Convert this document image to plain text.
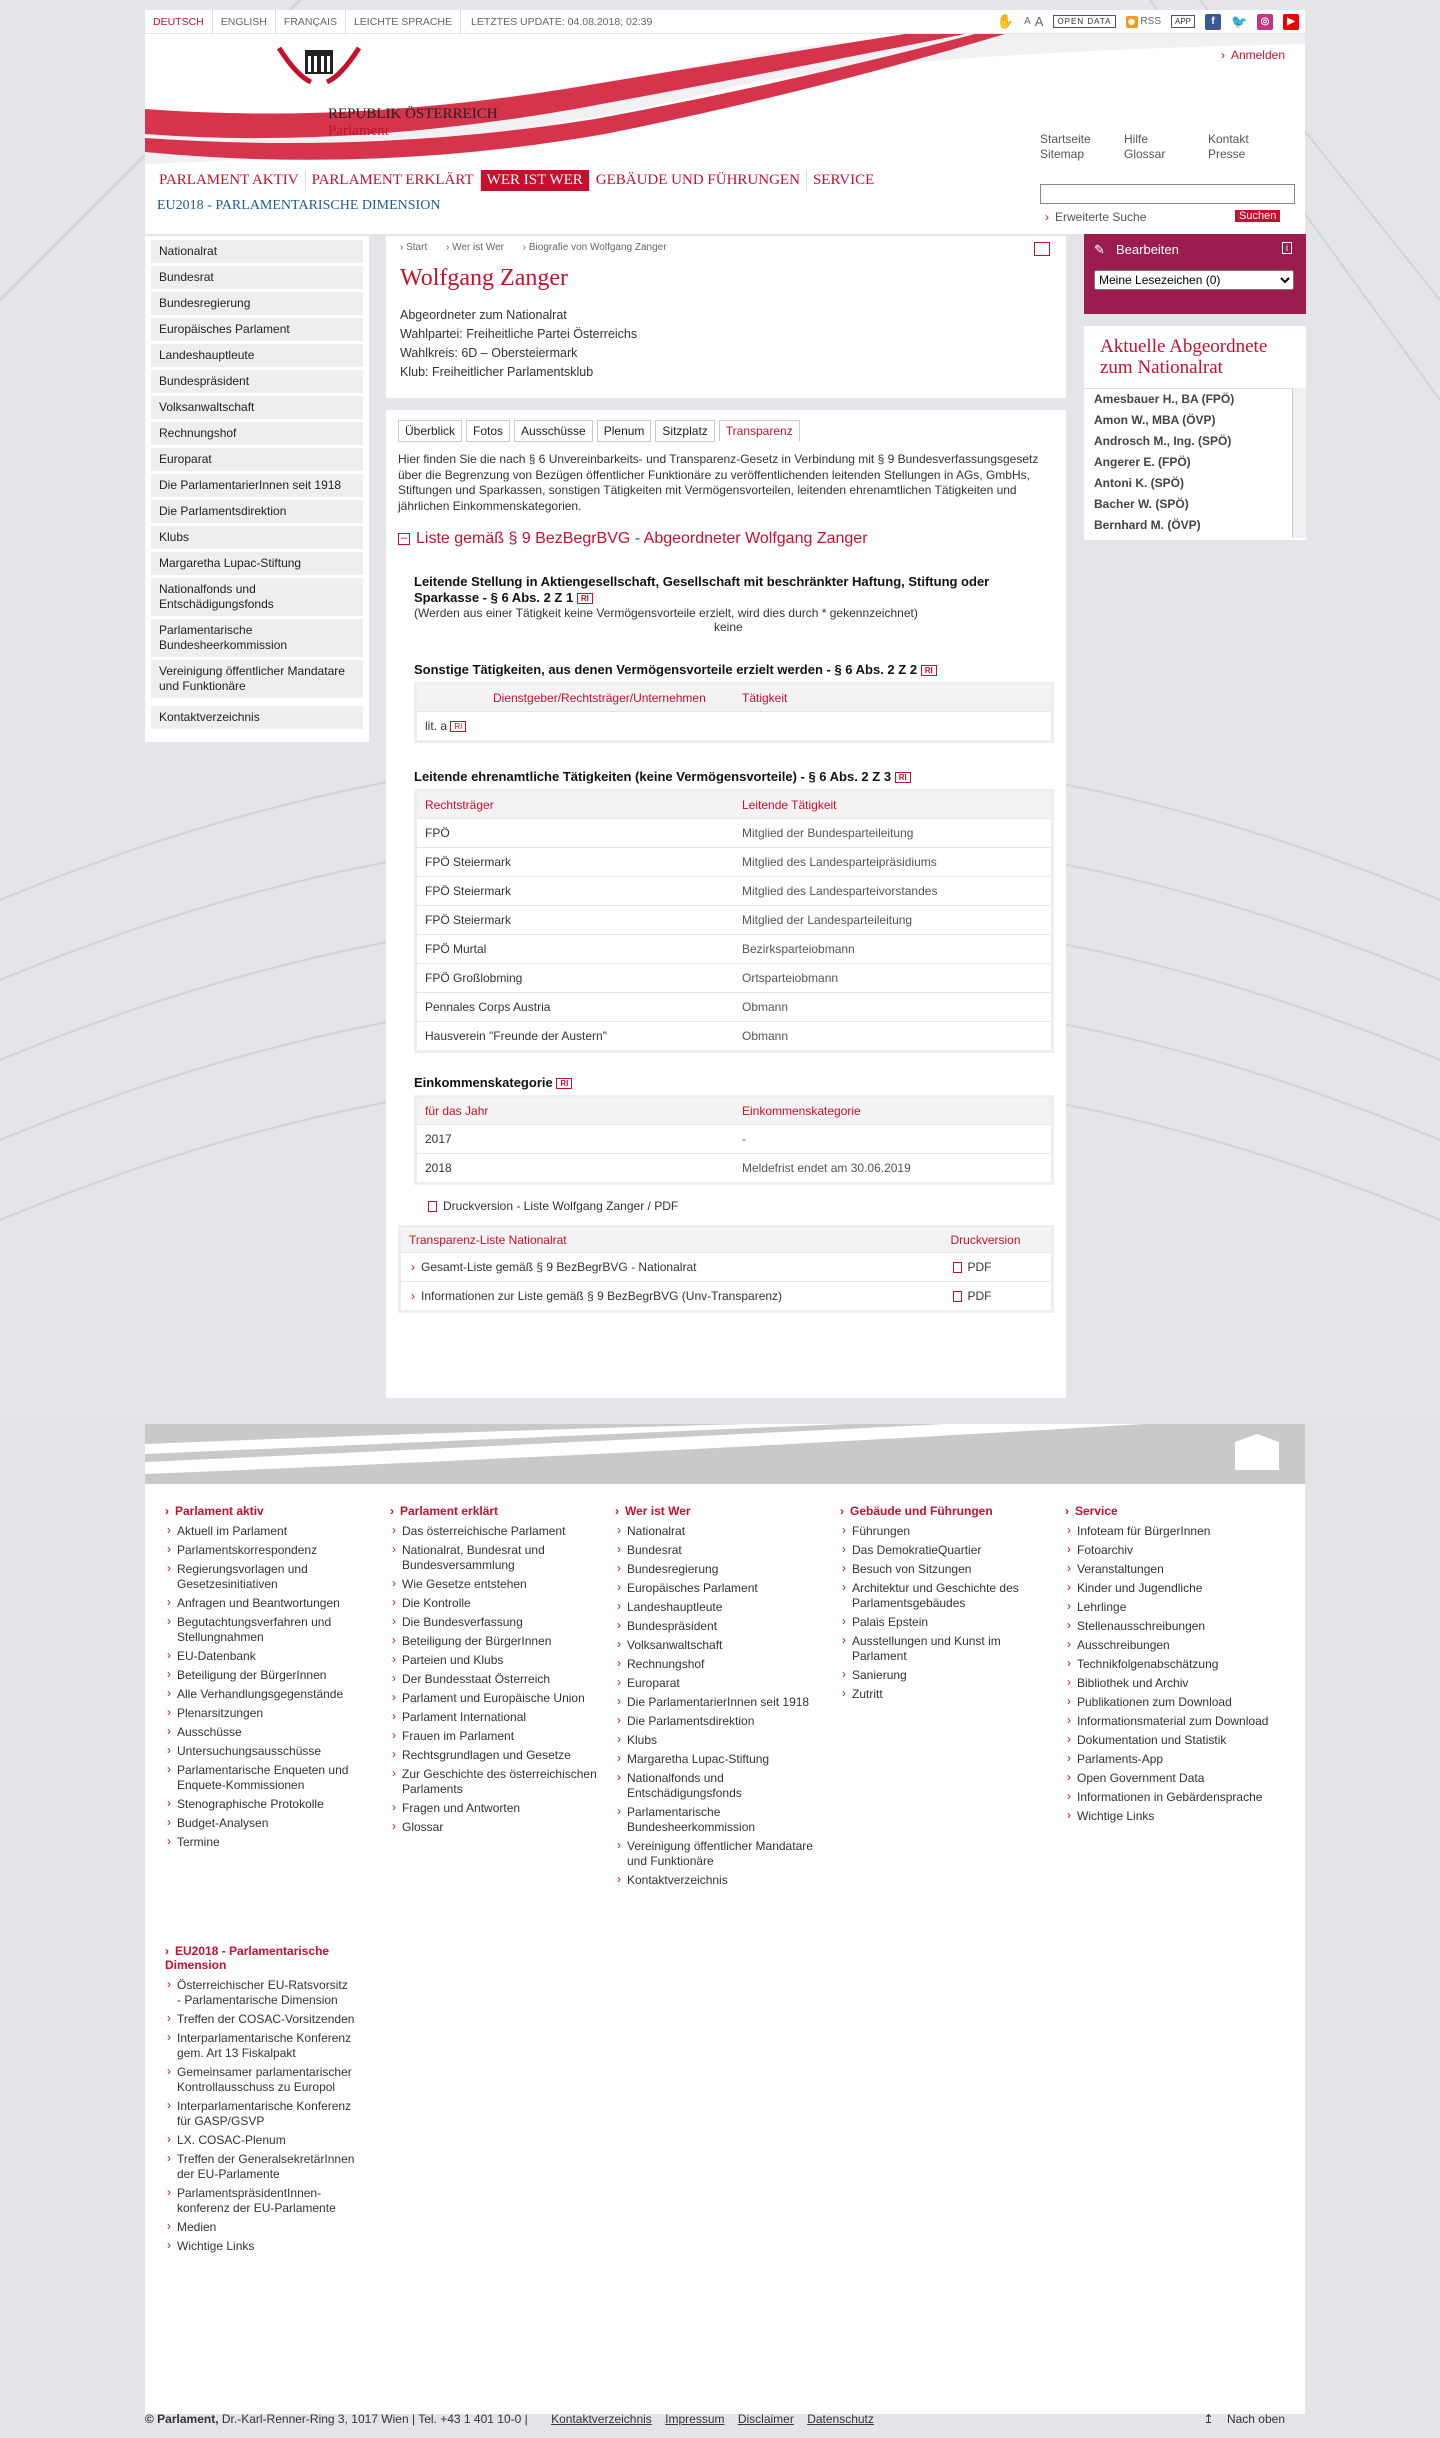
DEUTSCH	ENGLISH	FRANÇAIS	LEICHTE SPRACHE	LETZTES UPDATE: 04.08.2018; 02:39	✋ A A	OPEN DATA	◉ RSS	APP	f	🐦	◎	▶
REPUBLIK ÖSTERREICH
Parlament
› Anmelden
Startseite	Hilfe	Kontakt
Sitemap	Glossar	Presse
PARLAMENT AKTIV PARLAMENT ERKLÄRT WER IST WER GEBÄUDE UND FÜHRUNGEN SERVICE
EU2018 - PARLAMENTARISCHE DIMENSION
› Erweiterte Suche	Suchen
Nationalrat
Bundesrat
Bundesregierung
Europäisches Parlament
Landeshauptleute
Bundespräsident
Volksanwaltschaft
Rechnungshof
Europarat
Die ParlamentarierInnen seit 1918
Die Parlamentsdirektion
Klubs
Margaretha Lupac-Stiftung
Nationalfonds und Entschädigungsfonds
Parlamentarische Bundesheerkommission
Vereinigung öffentlicher Mandatare und Funktionäre
Kontaktverzeichnis
› Start › Wer ist Wer › Biografie von Wolfgang Zanger
Wolfgang Zanger
Abgeordneter zum Nationalrat
Wahlpartei: Freiheitliche Partei Österreichs
Wahlkreis: 6D – Obersteiermark
Klub: Freiheitlicher Parlamentsklub
Überblick	Fotos	Ausschüsse	Plenum	Sitzplatz	Transparenz
Hier finden Sie die nach § 6 Unvereinbarkeits- und Transparenz-Gesetz in Verbindung mit § 9 Bundesverfassungsgesetz über die Begrenzung von Bezügen öffentlicher Funktionäre zu veröffentlichenden leitenden Stellungen in AGs, GmbHs, Stiftungen und Sparkassen, sonstigen Tätigkeiten mit Vermögensvorteilen, leitenden ehrenamtlichen Tätigkeiten und jährlichen Einkommenskategorien.
– Liste gemäß § 9 BezBegrBVG - Abgeordneter Wolfgang Zanger
Leitende Stellung in Aktiengesellschaft, Gesellschaft mit beschränkter Haftung, Stiftung oder Sparkasse - § 6 Abs. 2 Z 1 RI
(Werden aus einer Tätigkeit keine Vermögensvorteile erzielt, wird dies durch * gekennzeichnet)
keine
Sonstige Tätigkeiten, aus denen Vermögensvorteile erzielt werden - § 6 Abs. 2 Z 2 RI
Dienstgeber/Rechtsträger/Unternehmen	Tätigkeit
lit. a RI
Leitende ehrenamtliche Tätigkeiten (keine Vermögensvorteile) - § 6 Abs. 2 Z 3 RI
Rechtsträger	Leitende Tätigkeit
FPÖ	Mitglied der Bundesparteileitung
FPÖ Steiermark	Mitglied des Landesparteipräsidiums
FPÖ Steiermark	Mitglied des Landesparteivorstandes
FPÖ Steiermark	Mitglied der Landesparteileitung
FPÖ Murtal	Bezirksparteiobmann
FPÖ Großlobming	Ortsparteiobmann
Pennales Corps Austria	Obmann
Hausverein "Freunde der Austern"	Obmann
Einkommenskategorie RI
für das Jahr	Einkommenskategorie
2017	-
2018	Meldefrist endet am 30.06.2019
Druckversion - Liste Wolfgang Zanger / PDF
Transparenz-Liste Nationalrat	Druckversion
› Gesamt-Liste gemäß § 9 BezBegrBVG - Nationalrat	PDF
› Informationen zur Liste gemäß § 9 BezBegrBVG (Unv-Transparenz)	PDF
✎ Bearbeiten	i
Meine Lesezeichen (0)
Aktuelle Abgeordnete zum Nationalrat
Amesbauer H., BA (FPÖ)
Amon W., MBA (ÖVP)
Androsch M., Ing. (SPÖ)
Angerer E. (FPÖ)
Antoni K. (SPÖ)
Bacher W. (SPÖ)
Bernhard M. (ÖVP)
› Parlament aktiv
› Aktuell im Parlament
› Parlamentskorrespondenz
› Regierungsvorlagen und Gesetzesinitiativen
› Anfragen und Beantwortungen
› Begutachtungsverfahren und Stellungnahmen
› EU-Datenbank
› Beteiligung der BürgerInnen
› Alle Verhandlungsgegenstände
› Plenarsitzungen
› Ausschüsse
› Untersuchungsausschüsse
› Parlamentarische Enqueten und Enquete-Kommissionen
› Stenographische Protokolle
› Budget-Analysen
› Termine
› Parlament erklärt
› Das österreichische Parlament
› Nationalrat, Bundesrat und Bundesversammlung
› Wie Gesetze entstehen
› Die Kontrolle
› Die Bundesverfassung
› Beteiligung der BürgerInnen
› Parteien und Klubs
› Der Bundesstaat Österreich
› Parlament und Europäische Union
› Parlament International
› Frauen im Parlament
› Rechtsgrundlagen und Gesetze
› Zur Geschichte des österreichischen Parlaments
› Fragen und Antworten
› Glossar
› Wer ist Wer
› Nationalrat
› Bundesrat
› Bundesregierung
› Europäisches Parlament
› Landeshauptleute
› Bundespräsident
› Volksanwaltschaft
› Rechnungshof
› Europarat
› Die ParlamentarierInnen seit 1918
› Die Parlamentsdirektion
› Klubs
› Margaretha Lupac-Stiftung
› Nationalfonds und Entschädigungsfonds
› Parlamentarische Bundesheerkommission
› Vereinigung öffentlicher Mandatare und Funktionäre
› Kontaktverzeichnis
› Gebäude und Führungen
› Führungen
› Das DemokratieQuartier
› Besuch von Sitzungen
› Architektur und Geschichte des Parlamentsgebäudes
› Palais Epstein
› Ausstellungen und Kunst im Parlament
› Sanierung
› Zutritt
› Service
› Infoteam für BürgerInnen
› Fotoarchiv
› Veranstaltungen
› Kinder und Jugendliche
› Lehrlinge
› Stellenausschreibungen
› Ausschreibungen
› Technikfolgenabschätzung
› Bibliothek und Archiv
› Publikationen zum Download
› Informationsmaterial zum Download
› Dokumentation und Statistik
› Parlaments-App
› Open Government Data
› Informationen in Gebärdensprache
› Wichtige Links
› EU2018 - Parlamentarische Dimension
› Österreichischer EU-Ratsvorsitz - Parlamentarische Dimension
› Treffen der COSAC-Vorsitzenden
› Interparlamentarische Konferenz gem. Art 13 Fiskalpakt
› Gemeinsamer parlamentarischer Kontrollausschuss zu Europol
› Interparlamentarische Konferenz für GASP/GSVP
› LX. COSAC-Plenum
› Treffen der GeneralsekretärInnen der EU-Parlamente
› ParlamentspräsidentInnen-konferenz der EU-Parlamente
› Medien
› Wichtige Links
© Parlament, Dr.-Karl-Renner-Ring 3, 1017 Wien | Tel. +43 1 401 10-0 | Kontaktverzeichnis Impressum Disclaimer Datenschutz	↥ Nach oben
